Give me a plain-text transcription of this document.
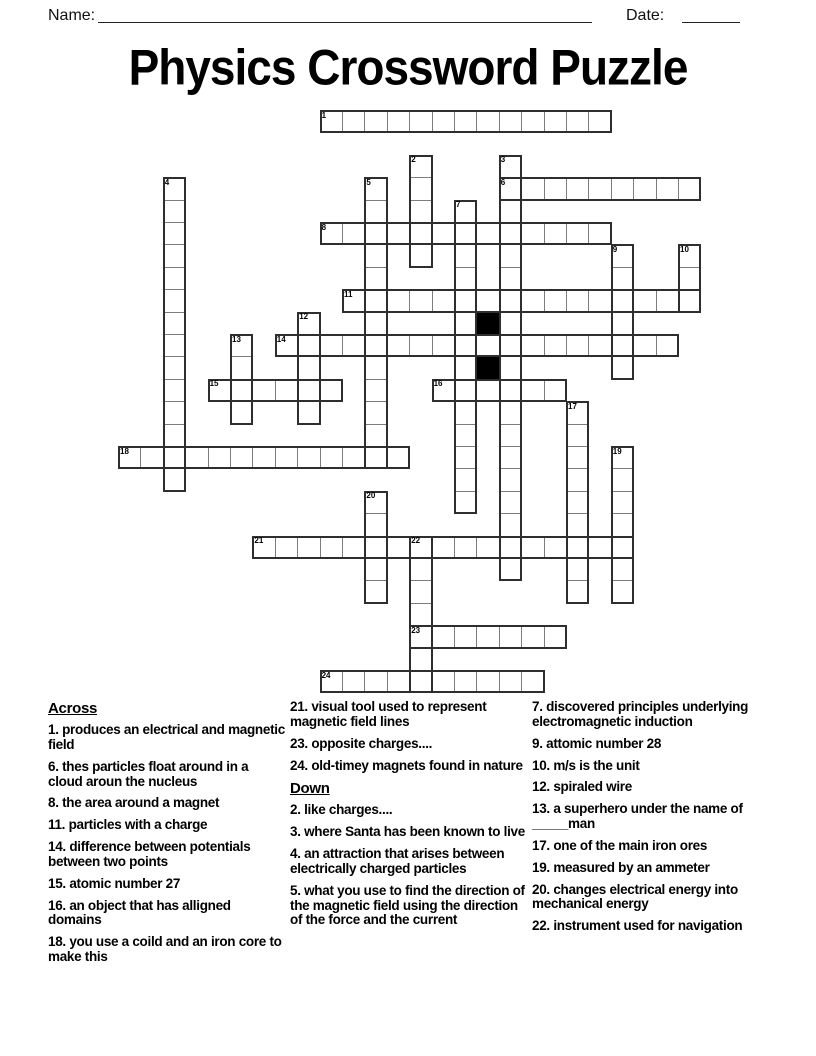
Name:	Date:
Physics Crossword Puzzle
1
6
8
11
14
15	16
18
21
23
24
2	3
4	5
7
9	10
12
13
17
19
20
22
Across
1. produces an electrical and magnetic field
6. thes particles float around in a cloud aroun the nucleus
8. the area around a magnet
11. particles with a charge
14. difference between potentials between two points
15. atomic number 27
16. an object that has alligned domains
18. you use a coild and an iron core to make this
21. visual tool used to represent magnetic field lines
23. opposite charges....
24. old-timey magnets found in nature
Down
2. like charges....
3. where Santa has been known to live
4. an attraction that arises between electrically charged particles
5. what you use to find the direction of the magnetic field using the direction of the force and the current
7. discovered principles underlying electromagnetic induction
9. attomic number 28
10. m/s is the unit
12. spiraled wire
13. a superhero under the name of _____man
17. one of the main iron ores
19. measured by an ammeter
20. changes electrical energy into mechanical energy
22. instrument used for navigation
